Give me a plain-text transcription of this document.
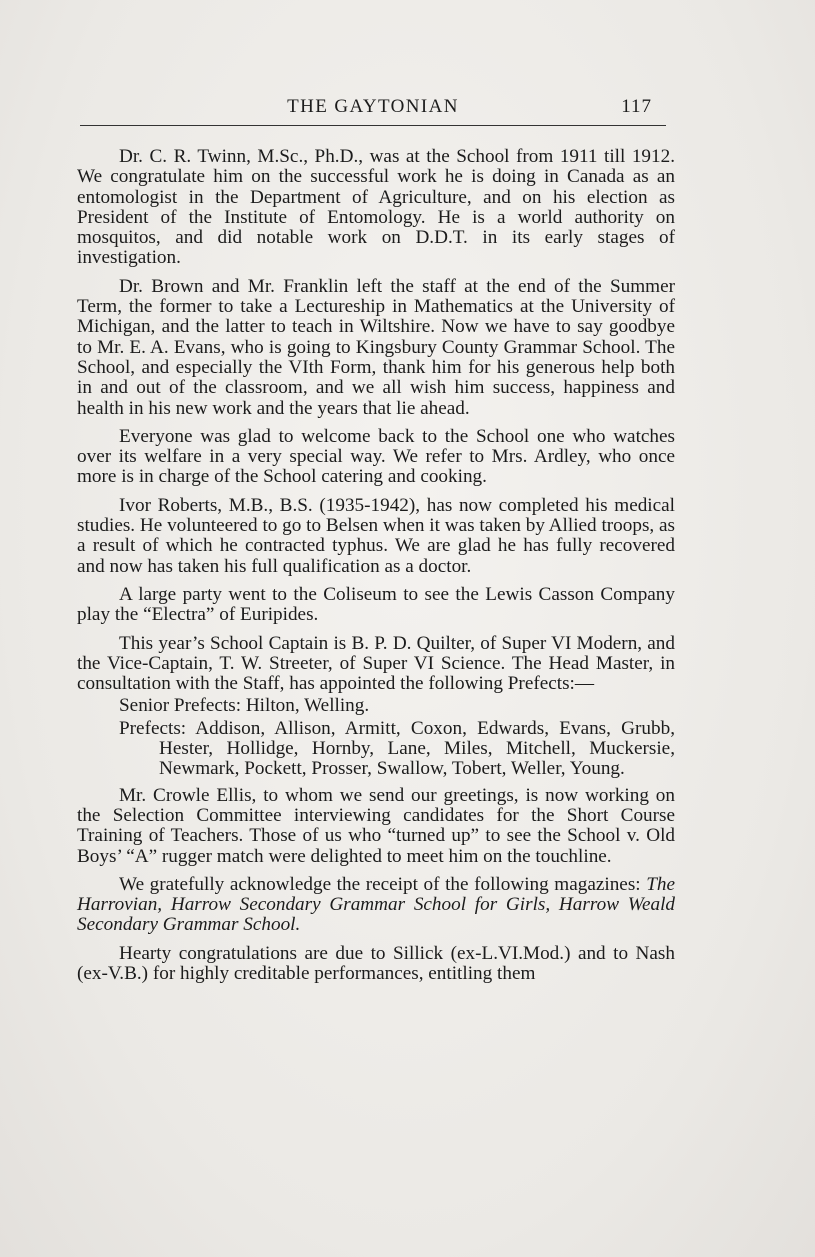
THE GAYTONIAN	117

Dr. C. R. Twinn, M.Sc., Ph.D., was at the School from 1911 till 1912. We congratulate him on the successful work he is doing in Canada as an entomologist in the Department of Agriculture, and on his election as President of the Institute of Entomology. He is a world authority on mosquitos, and did notable work on D.D.T. in its early stages of investigation.

Dr. Brown and Mr. Franklin left the staff at the end of the Summer Term, the former to take a Lectureship in Mathematics at the University of Michigan, and the latter to teach in Wiltshire. Now we have to say goodbye to Mr. E. A. Evans, who is going to Kingsbury County Grammar School. The School, and especially the VIth Form, thank him for his generous help both in and out of the classroom, and we all wish him success, happiness and health in his new work and the years that lie ahead.

Everyone was glad to welcome back to the School one who watches over its welfare in a very special way. We refer to Mrs. Ardley, who once more is in charge of the School catering and cooking.

Ivor Roberts, M.B., B.S. (1935-1942), has now completed his medical studies. He volunteered to go to Belsen when it was taken by Allied troops, as a result of which he contracted typhus. We are glad he has fully recovered and now has taken his full qualification as a doctor.

A large party went to the Coliseum to see the Lewis Casson Company play the “Electra” of Euripides.

This year’s School Captain is B. P. D. Quilter, of Super VI Modern, and the Vice-Captain, T. W. Streeter, of Super VI Science. The Head Master, in consultation with the Staff, has appointed the following Prefects:—

Senior Prefects: Hilton, Welling.

Prefects: Addison, Allison, Armitt, Coxon, Edwards, Evans, Grubb, Hester, Hollidge, Hornby, Lane, Miles, Mitchell, Muckersie, Newmark, Pockett, Prosser, Swallow, Tobert, Weller, Young.

Mr. Crowle Ellis, to whom we send our greetings, is now working on the Selection Committee interviewing candidates for the Short Course Training of Teachers. Those of us who “turned up” to see the School v. Old Boys’ “A” rugger match were delighted to meet him on the touchline.

We gratefully acknowledge the receipt of the following magazines: The Harrovian, Harrow Secondary Grammar School for Girls, Harrow Weald Secondary Grammar School.

Hearty congratulations are due to Sillick (ex-L.VI.Mod.) and to Nash (ex-V.B.) for highly creditable performances, entitling them
